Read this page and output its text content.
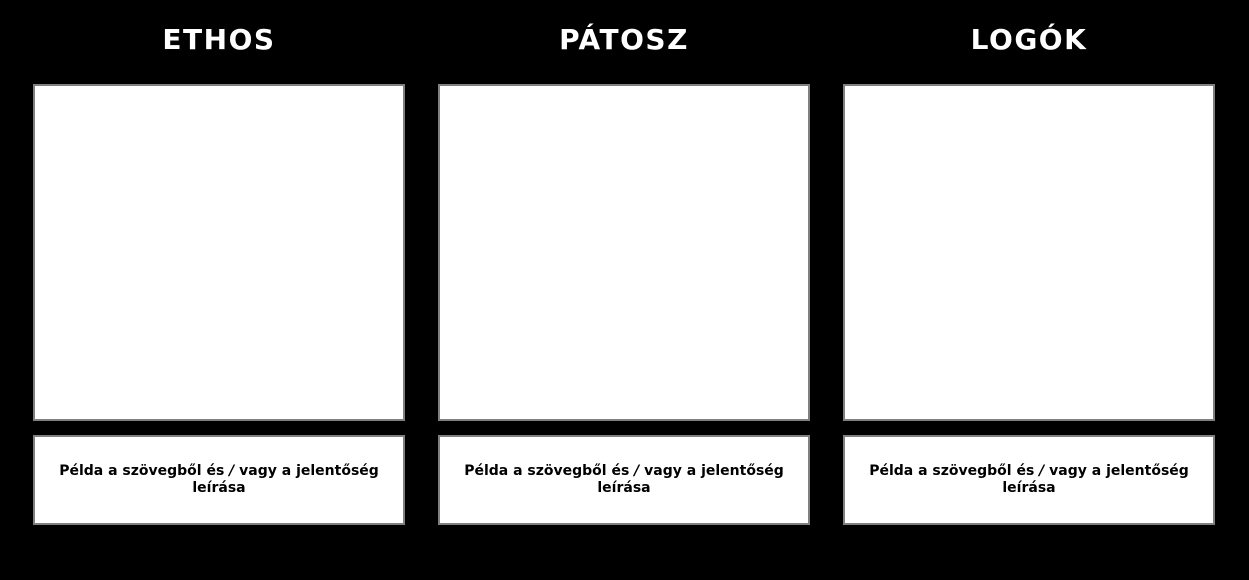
ETHOS
Példa a szövegből és / vagy a jelentőség leírása
PÁTOSZ
Példa a szövegből és / vagy a jelentőség leírása
LOGÓK
Példa a szövegből és / vagy a jelentőség leírása
